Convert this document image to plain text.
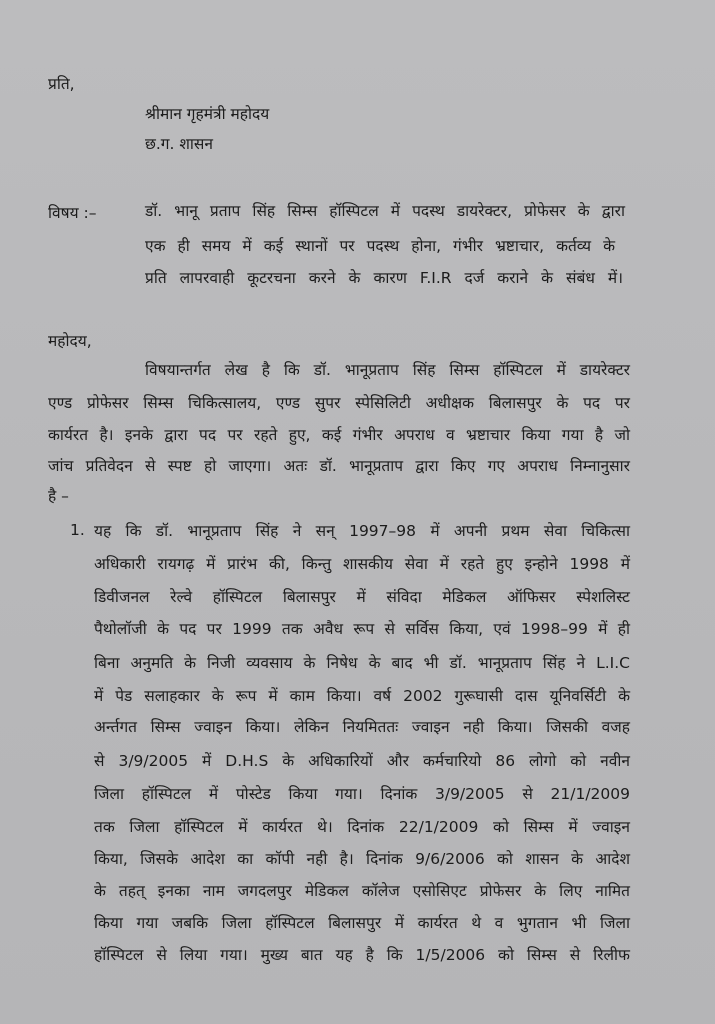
प्रति,
श्रीमान गृहमंत्री महोदय
छ.ग. शासन
विषय :–	डॉ. भानू प्रताप सिंह सिम्स हॉस्पिटल में पदस्थ डायरेक्टर, प्रोफेसर के द्वारा
एक ही समय में कई स्थानों पर पदस्थ होना, गंभीर भ्रष्टाचार, कर्तव्य के
प्रति लापरवाही कूटरचना करने के कारण F.I.R दर्ज कराने के संबंध में।
महोदय,
विषयान्तर्गत लेख है कि डॉ. भानूप्रताप सिंह सिम्स हॉस्पिटल में डायरेक्टर
एण्ड प्रोफेसर सिम्स चिकित्सालय, एण्ड सुपर स्पेसिलिटी अधीक्षक बिलासपुर के पद पर
कार्यरत है। इनके द्वारा पद पर रहते हुए, कई गंभीर अपराध व भ्रष्टाचार किया गया है जो
जांच प्रतिवेदन से स्पष्ट हो जाएगा। अतः डॉ. भानूप्रताप द्वारा किए गए अपराध निम्नानुसार
है –
1. यह कि डॉ. भानूप्रताप सिंह ने सन् 1997–98 में अपनी प्रथम सेवा चिकित्सा
अधिकारी रायगढ़ में प्रारंभ की, किन्तु शासकीय सेवा में रहते हुए इन्होने 1998 में
डिवीजनल रेल्वे हॉस्पिटल बिलासपुर में संविदा मेडिकल ऑफिसर स्पेशलिस्ट
पैथोलॉजी के पद पर 1999 तक अवैध रूप से सर्विस किया, एवं 1998–99 में ही
बिना अनुमति के निजी व्यवसाय के निषेध के बाद भी डॉ. भानूप्रताप सिंह ने L.I.C
में पेड सलाहकार के रूप में काम किया। वर्ष 2002 गुरूघासी दास यूनिवर्सिटी के
अर्न्तगत सिम्स ज्वाइन किया। लेकिन नियमिततः ज्वाइन नही किया। जिसकी वजह
से 3/9/2005 में D.H.S के अधिकारियों और कर्मचारियो 86 लोगो को नवीन
जिला हॉस्पिटल में पोस्टेड किया गया। दिनांक 3/9/2005 से 21/1/2009
तक जिला हॉस्पिटल में कार्यरत थे। दिनांक 22/1/2009 को सिम्स में ज्वाइन
किया, जिसके आदेश का कॉपी नही है। दिनांक 9/6/2006 को शासन के आदेश
के तहत् इनका नाम जगदलपुर मेडिकल कॉलेज एसोसिएट प्रोफेसर के लिए नामित
किया गया जबकि जिला हॉस्पिटल बिलासपुर में कार्यरत थे व भुगतान भी जिला
हॉस्पिटल से लिया गया। मुख्य बात यह है कि 1/5/2006 को सिम्स से रिलीफ
